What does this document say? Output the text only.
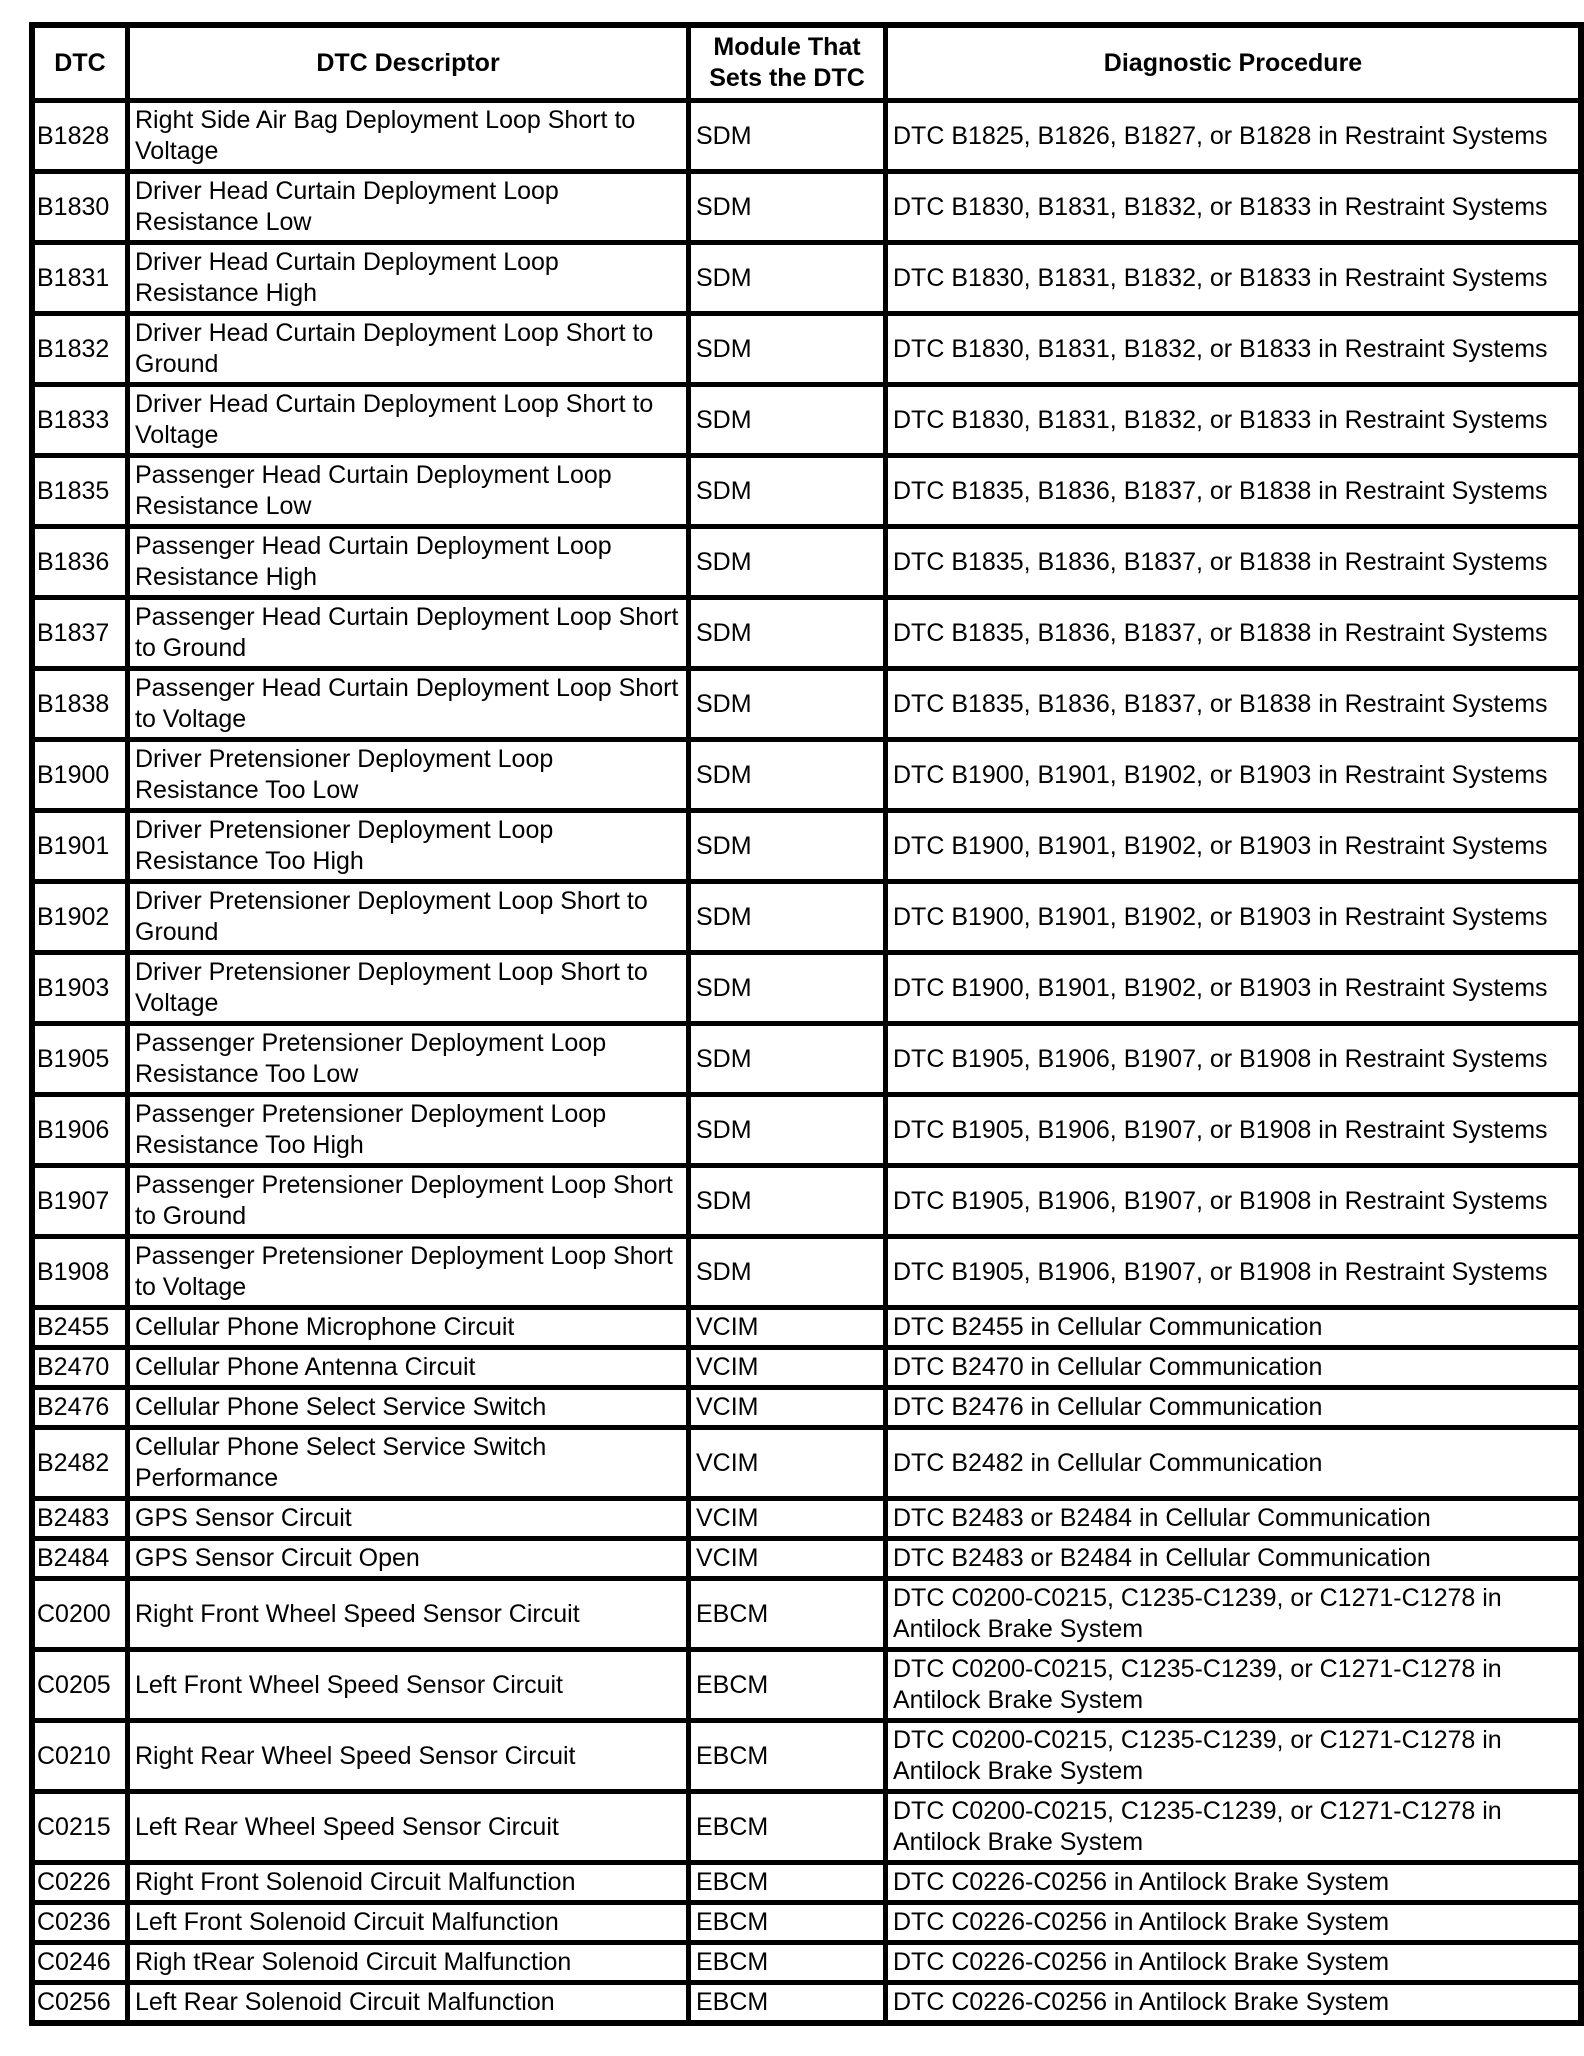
DTC	DTC Descriptor	Module That Sets the DTC	Diagnostic Procedure
B1828	Right Side Air Bag Deployment Loop Short to Voltage	SDM	DTC B1825, B1826, B1827, or B1828 in Restraint Systems
B1830	Driver Head Curtain Deployment Loop Resistance Low	SDM	DTC B1830, B1831, B1832, or B1833 in Restraint Systems
B1831	Driver Head Curtain Deployment Loop Resistance High	SDM	DTC B1830, B1831, B1832, or B1833 in Restraint Systems
B1832	Driver Head Curtain Deployment Loop Short to Ground	SDM	DTC B1830, B1831, B1832, or B1833 in Restraint Systems
B1833	Driver Head Curtain Deployment Loop Short to Voltage	SDM	DTC B1830, B1831, B1832, or B1833 in Restraint Systems
B1835	Passenger Head Curtain Deployment Loop Resistance Low	SDM	DTC B1835, B1836, B1837, or B1838 in Restraint Systems
B1836	Passenger Head Curtain Deployment Loop Resistance High	SDM	DTC B1835, B1836, B1837, or B1838 in Restraint Systems
B1837	Passenger Head Curtain Deployment Loop Short to Ground	SDM	DTC B1835, B1836, B1837, or B1838 in Restraint Systems
B1838	Passenger Head Curtain Deployment Loop Short to Voltage	SDM	DTC B1835, B1836, B1837, or B1838 in Restraint Systems
B1900	Driver Pretensioner Deployment Loop Resistance Too Low	SDM	DTC B1900, B1901, B1902, or B1903 in Restraint Systems
B1901	Driver Pretensioner Deployment Loop Resistance Too High	SDM	DTC B1900, B1901, B1902, or B1903 in Restraint Systems
B1902	Driver Pretensioner Deployment Loop Short to Ground	SDM	DTC B1900, B1901, B1902, or B1903 in Restraint Systems
B1903	Driver Pretensioner Deployment Loop Short to Voltage	SDM	DTC B1900, B1901, B1902, or B1903 in Restraint Systems
B1905	Passenger Pretensioner Deployment Loop Resistance Too Low	SDM	DTC B1905, B1906, B1907, or B1908 in Restraint Systems
B1906	Passenger Pretensioner Deployment Loop Resistance Too High	SDM	DTC B1905, B1906, B1907, or B1908 in Restraint Systems
B1907	Passenger Pretensioner Deployment Loop Short to Ground	SDM	DTC B1905, B1906, B1907, or B1908 in Restraint Systems
B1908	Passenger Pretensioner Deployment Loop Short to Voltage	SDM	DTC B1905, B1906, B1907, or B1908 in Restraint Systems
B2455	Cellular Phone Microphone Circuit	VCIM	DTC B2455 in Cellular Communication
B2470	Cellular Phone Antenna Circuit	VCIM	DTC B2470 in Cellular Communication
B2476	Cellular Phone Select Service Switch	VCIM	DTC B2476 in Cellular Communication
B2482	Cellular Phone Select Service Switch Performance	VCIM	DTC B2482 in Cellular Communication
B2483	GPS Sensor Circuit	VCIM	DTC B2483 or B2484 in Cellular Communication
B2484	GPS Sensor Circuit Open	VCIM	DTC B2483 or B2484 in Cellular Communication
C0200	Right Front Wheel Speed Sensor Circuit	EBCM	DTC C0200-C0215, C1235-C1239, or C1271-C1278 in Antilock Brake System
C0205	Left Front Wheel Speed Sensor Circuit	EBCM	DTC C0200-C0215, C1235-C1239, or C1271-C1278 in Antilock Brake System
C0210	Right Rear Wheel Speed Sensor Circuit	EBCM	DTC C0200-C0215, C1235-C1239, or C1271-C1278 in Antilock Brake System
C0215	Left Rear Wheel Speed Sensor Circuit	EBCM	DTC C0200-C0215, C1235-C1239, or C1271-C1278 in Antilock Brake System
C0226	Right Front Solenoid Circuit Malfunction	EBCM	DTC C0226-C0256 in Antilock Brake System
C0236	Left Front Solenoid Circuit Malfunction	EBCM	DTC C0226-C0256 in Antilock Brake System
C0246	Righ tRear Solenoid Circuit Malfunction	EBCM	DTC C0226-C0256 in Antilock Brake System
C0256	Left Rear Solenoid Circuit Malfunction	EBCM	DTC C0226-C0256 in Antilock Brake System
